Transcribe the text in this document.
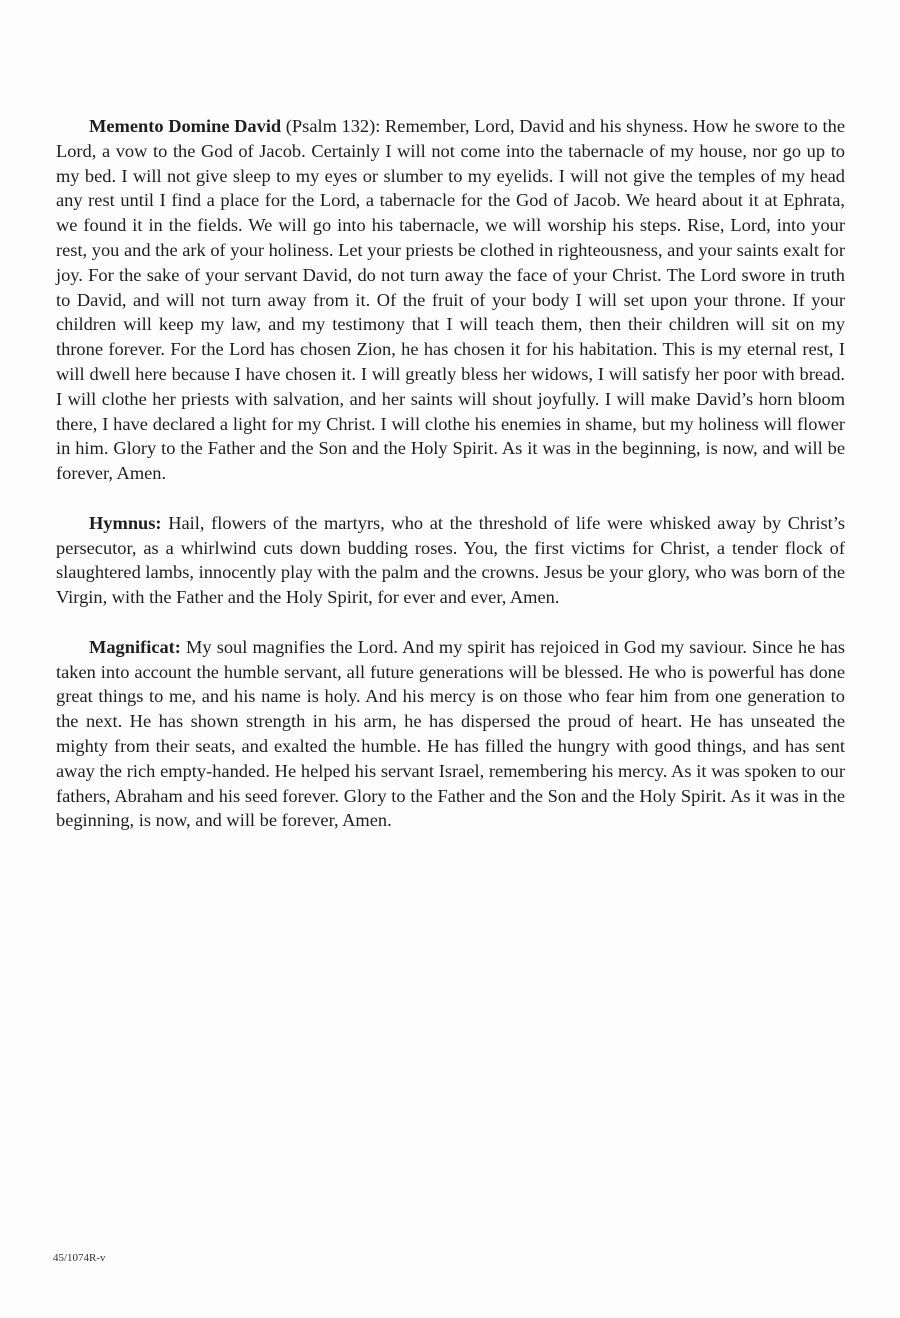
Memento Domine David (Psalm 132): Remember, Lord, David and his shyness. How he swore to the Lord, a vow to the God of Jacob. Certainly I will not come into the tabernacle of my house, nor go up to my bed. I will not give sleep to my eyes or slumber to my eyelids. I will not give the temples of my head any rest until I find a place for the Lord, a tabernacle for the God of Jacob. We heard about it at Ephrata, we found it in the fields. We will go into his tabernacle, we will worship his steps. Rise, Lord, into your rest, you and the ark of your holiness. Let your priests be clothed in righteousness, and your saints exalt for joy. For the sake of your servant David, do not turn away the face of your Christ. The Lord swore in truth to David, and will not turn away from it. Of the fruit of your body I will set upon your throne. If your children will keep my law, and my testimony that I will teach them, then their children will sit on my throne forever. For the Lord has chosen Zion, he has chosen it for his habitation. This is my eternal rest, I will dwell here because I have chosen it. I will greatly bless her widows, I will satisfy her poor with bread. I will clothe her priests with salvation, and her saints will shout joyfully. I will make David’s horn bloom there, I have declared a light for my Christ. I will clothe his enemies in shame, but my holiness will flower in him. Glory to the Father and the Son and the Holy Spirit. As it was in the beginning, is now, and will be forever, Amen.

Hymnus: Hail, flowers of the martyrs, who at the threshold of life were whisked away by Christ’s persecutor, as a whirlwind cuts down budding roses. You, the first victims for Christ, a tender flock of slaughtered lambs, innocently play with the palm and the crowns. Jesus be your glory, who was born of the Virgin, with the Father and the Holy Spirit, for ever and ever, Amen.

Magnificat: My soul magnifies the Lord. And my spirit has rejoiced in God my saviour. Since he has taken into account the humble servant, all future generations will be blessed. He who is powerful has done great things to me, and his name is holy. And his mercy is on those who fear him from one generation to the next. He has shown strength in his arm, he has dispersed the proud of heart. He has unseated the mighty from their seats, and exalted the humble. He has filled the hungry with good things, and has sent away the rich empty-handed. He helped his servant Israel, remembering his mercy. As it was spoken to our fathers, Abraham and his seed forever. Glory to the Father and the Son and the Holy Spirit. As it was in the beginning, is now, and will be forever, Amen.

45/1074R-v
